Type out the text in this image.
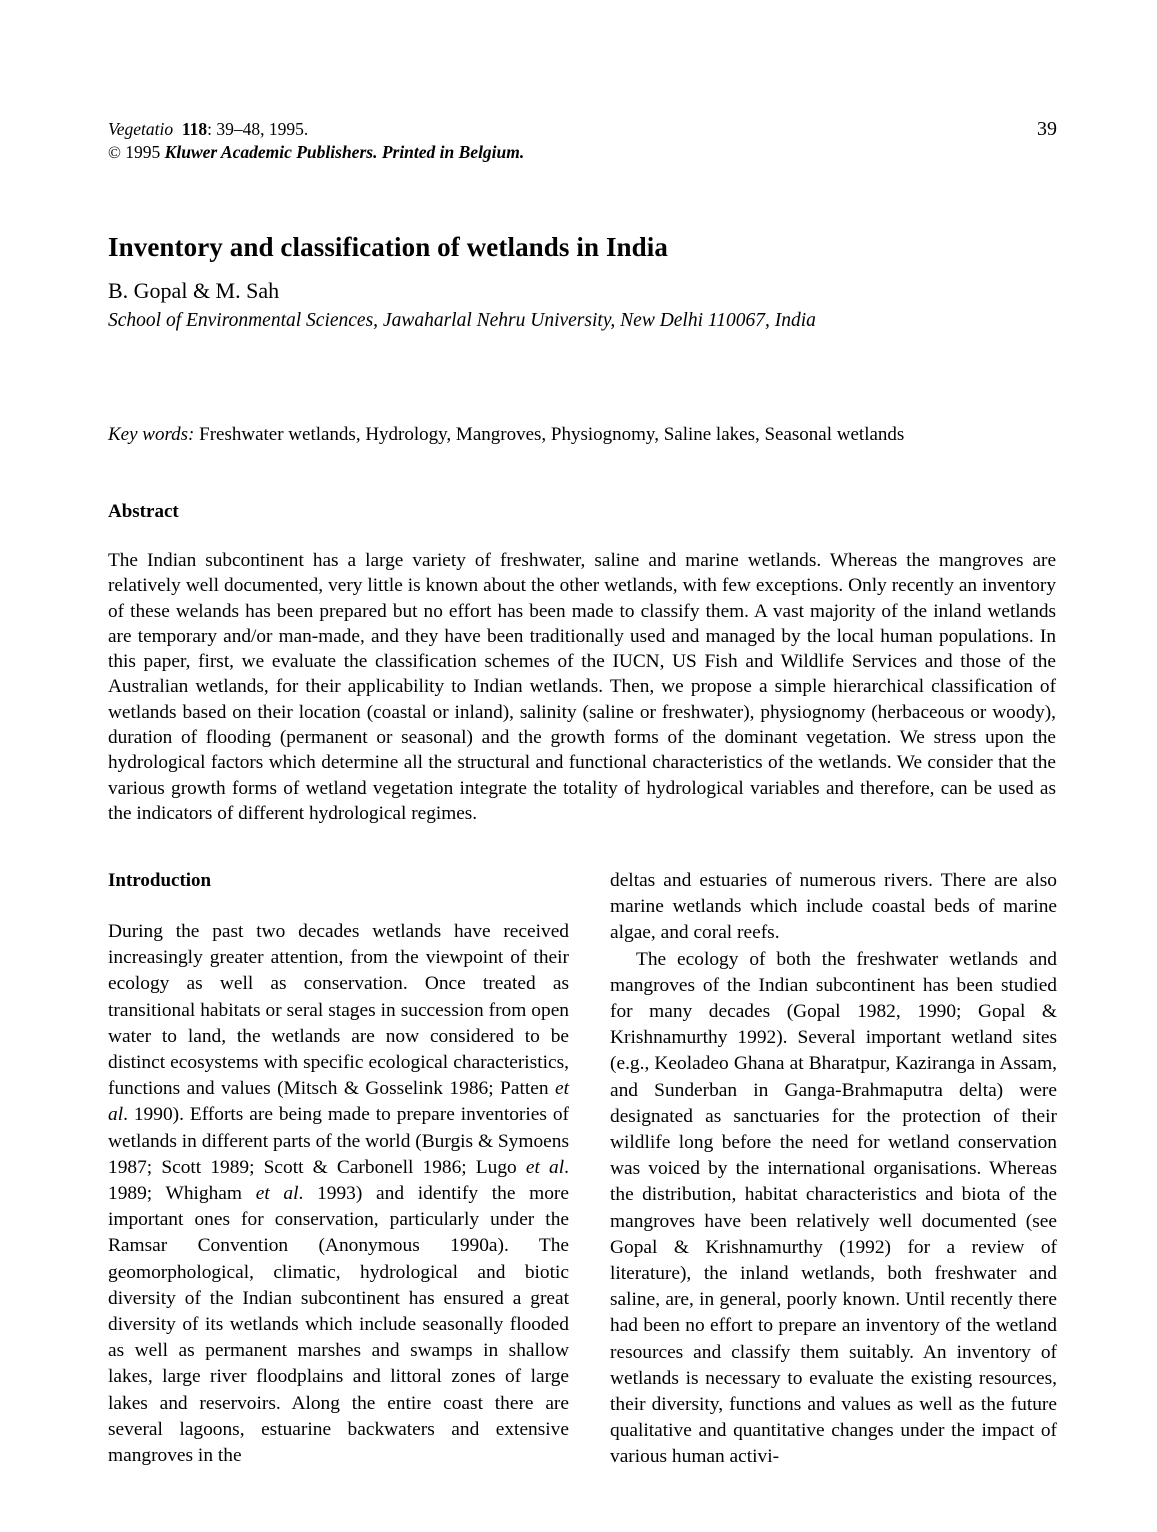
Vegetatio 118: 39–48, 1995.
© 1995 Kluwer Academic Publishers. Printed in Belgium.
39
Inventory and classification of wetlands in India
B. Gopal & M. Sah
School of Environmental Sciences, Jawaharlal Nehru University, New Delhi 110067, India
Key words: Freshwater wetlands, Hydrology, Mangroves, Physiognomy, Saline lakes, Seasonal wetlands
Abstract
The Indian subcontinent has a large variety of freshwater, saline and marine wetlands. Whereas the mangroves are relatively well documented, very little is known about the other wetlands, with few exceptions. Only recently an inventory of these welands has been prepared but no effort has been made to classify them. A vast majority of the inland wetlands are temporary and/or man-made, and they have been traditionally used and managed by the local human populations. In this paper, first, we evaluate the classification schemes of the IUCN, US Fish and Wildlife Services and those of the Australian wetlands, for their applicability to Indian wetlands. Then, we propose a simple hierarchical classification of wetlands based on their location (coastal or inland), salinity (saline or freshwater), physiognomy (herbaceous or woody), duration of flooding (permanent or seasonal) and the growth forms of the dominant vegetation. We stress upon the hydrological factors which determine all the structural and functional characteristics of the wetlands. We consider that the various growth forms of wetland vegetation integrate the totality of hydrological variables and therefore, can be used as the indicators of different hydrological regimes.
Introduction

During the past two decades wetlands have received increasingly greater attention, from the viewpoint of their ecology as well as conservation. Once treated as transitional habitats or seral stages in succession from open water to land, the wetlands are now considered to be distinct ecosystems with specific ecological characteristics, functions and values (Mitsch & Gosselink 1986; Patten et al. 1990). Efforts are being made to prepare inventories of wetlands in different parts of the world (Burgis & Symoens 1987; Scott 1989; Scott & Carbonell 1986; Lugo et al. 1989; Whigham et al. 1993) and identify the more important ones for conservation, particularly under the Ramsar Convention (Anonymous 1990a). The geomorphological, climatic, hydrological and biotic diversity of the Indian subcontinent has ensured a great diversity of its wetlands which include seasonally flooded as well as permanent marshes and swamps in shallow lakes, large river floodplains and littoral zones of large lakes and reservoirs. Along the entire coast there are several lagoons, estuarine backwaters and extensive mangroves in the

deltas and estuaries of numerous rivers. There are also marine wetlands which include coastal beds of marine algae, and coral reefs.

The ecology of both the freshwater wetlands and mangroves of the Indian subcontinent has been studied for many decades (Gopal 1982, 1990; Gopal & Krishnamurthy 1992). Several important wetland sites (e.g., Keoladeo Ghana at Bharatpur, Kaziranga in Assam, and Sunderban in Ganga-Brahmaputra delta) were designated as sanctuaries for the protection of their wildlife long before the need for wetland conservation was voiced by the international organisations. Whereas the distribution, habitat characteristics and biota of the mangroves have been relatively well documented (see Gopal & Krishnamurthy (1992) for a review of literature), the inland wetlands, both freshwater and saline, are, in general, poorly known. Until recently there had been no effort to prepare an inventory of the wetland resources and classify them suitably. An inventory of wetlands is necessary to evaluate the existing resources, their diversity, functions and values as well as the future qualitative and quantitative changes under the impact of various human activi-
